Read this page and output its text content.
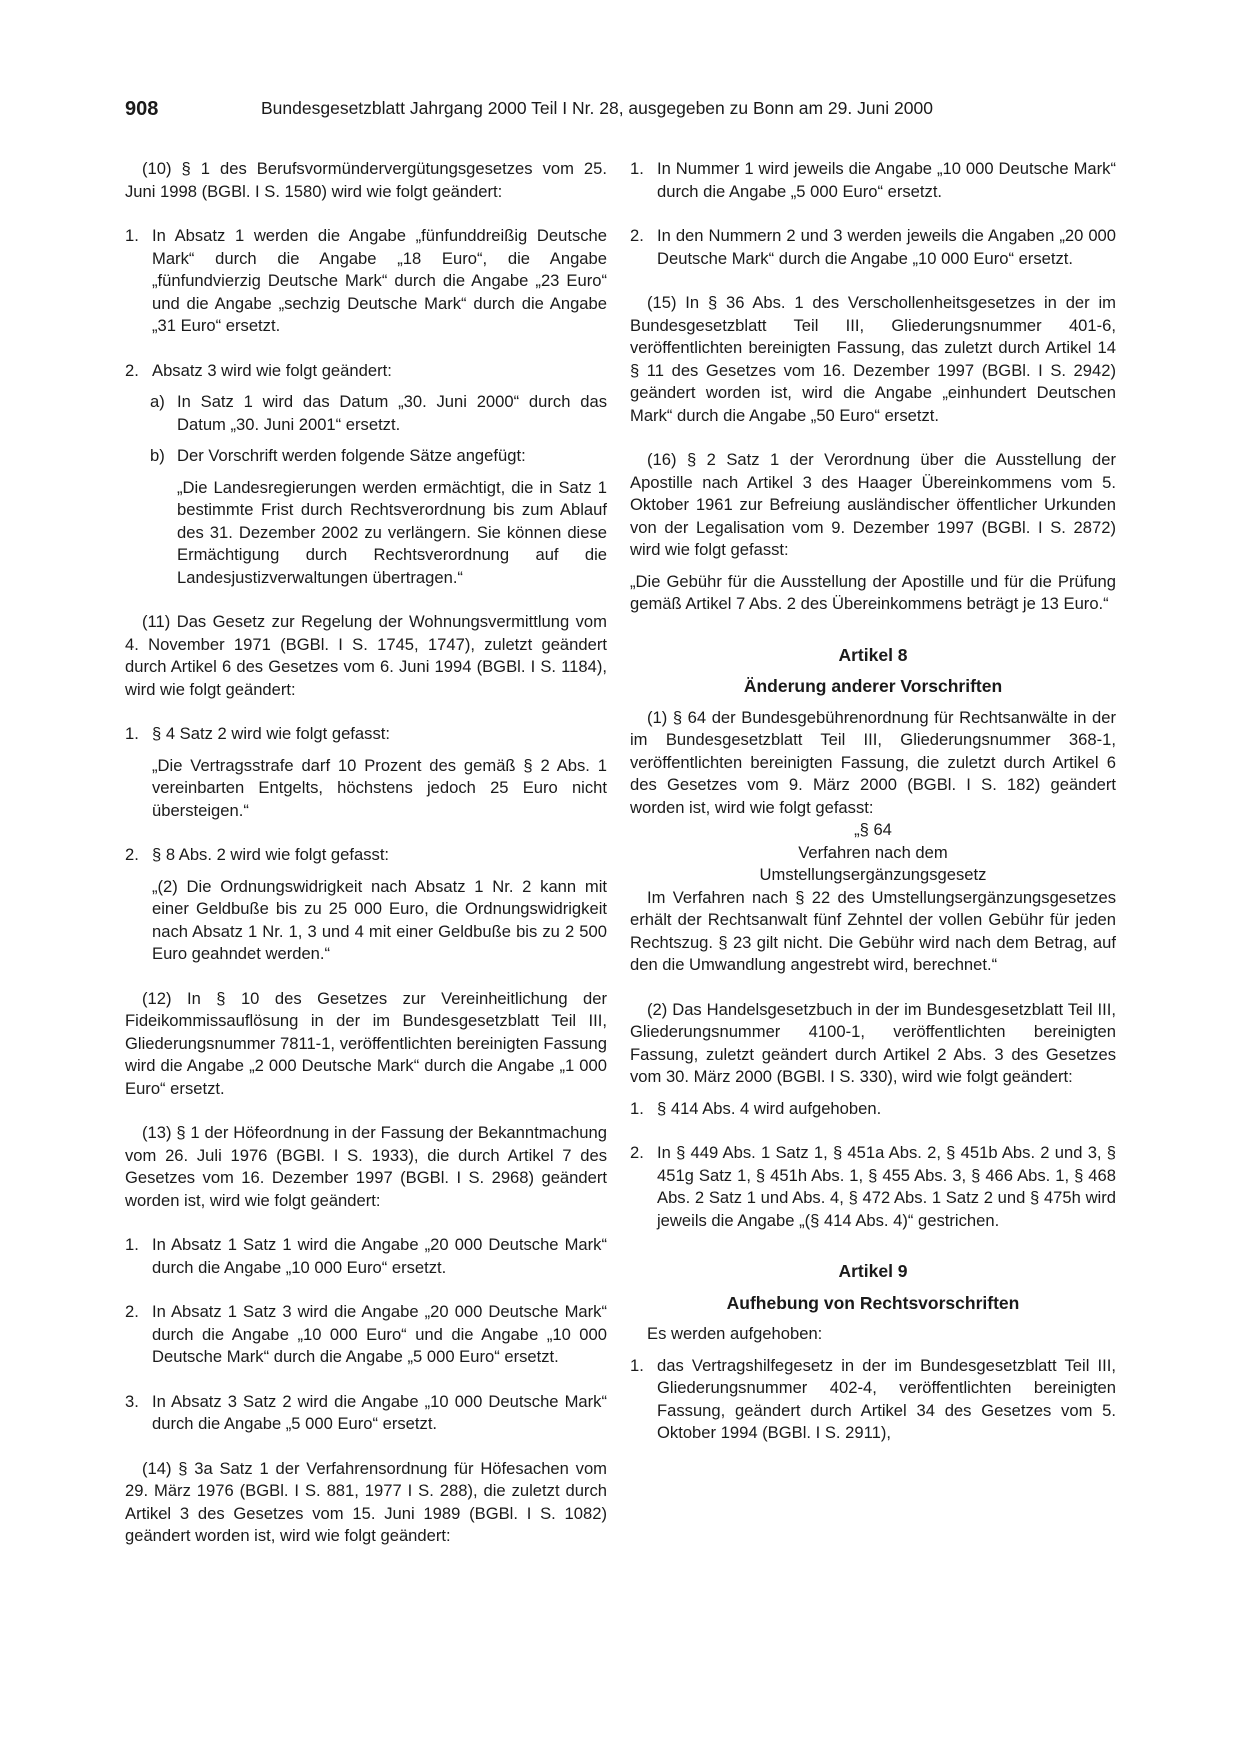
908	Bundesgesetzblatt Jahrgang 2000 Teil I Nr. 28, ausgegeben zu Bonn am 29. Juni 2000

(10) § 1 des Berufsvormündervergütungsgesetzes vom 25. Juni 1998 (BGBl. I S. 1580) wird wie folgt geändert:

1. In Absatz 1 werden die Angabe „fünfunddreißig Deutsche Mark“ durch die Angabe „18 Euro“, die Angabe „fünfundvierzig Deutsche Mark“ durch die Angabe „23 Euro“ und die Angabe „sechzig Deutsche Mark“ durch die Angabe „31 Euro“ ersetzt.

2. Absatz 3 wird wie folgt geändert:

a) In Satz 1 wird das Datum „30. Juni 2000“ durch das Datum „30. Juni 2001“ ersetzt.

b) Der Vorschrift werden folgende Sätze angefügt:

„Die Landesregierungen werden ermächtigt, die in Satz 1 bestimmte Frist durch Rechtsverordnung bis zum Ablauf des 31. Dezember 2002 zu verlängern. Sie können diese Ermächtigung durch Rechtsverordnung auf die Landesjustizverwaltungen übertragen.“

(11) Das Gesetz zur Regelung der Wohnungsvermittlung vom 4. November 1971 (BGBl. I S. 1745, 1747), zuletzt geändert durch Artikel 6 des Gesetzes vom 6. Juni 1994 (BGBl. I S. 1184), wird wie folgt geändert:

1. § 4 Satz 2 wird wie folgt gefasst:

„Die Vertragsstrafe darf 10 Prozent des gemäß § 2 Abs. 1 vereinbarten Entgelts, höchstens jedoch 25 Euro nicht übersteigen.“

2. § 8 Abs. 2 wird wie folgt gefasst:

„(2) Die Ordnungswidrigkeit nach Absatz 1 Nr. 2 kann mit einer Geldbuße bis zu 25 000 Euro, die Ordnungswidrigkeit nach Absatz 1 Nr. 1, 3 und 4 mit einer Geldbuße bis zu 2 500 Euro geahndet werden.“

(12) In § 10 des Gesetzes zur Vereinheitlichung der Fideikommissauflösung in der im Bundesgesetzblatt Teil III, Gliederungsnummer 7811-1, veröffentlichten bereinigten Fassung wird die Angabe „2 000 Deutsche Mark“ durch die Angabe „1 000 Euro“ ersetzt.

(13) § 1 der Höfeordnung in der Fassung der Bekanntmachung vom 26. Juli 1976 (BGBl. I S. 1933), die durch Artikel 7 des Gesetzes vom 16. Dezember 1997 (BGBl. I S. 2968) geändert worden ist, wird wie folgt geändert:

1. In Absatz 1 Satz 1 wird die Angabe „20 000 Deutsche Mark“ durch die Angabe „10 000 Euro“ ersetzt.

2. In Absatz 1 Satz 3 wird die Angabe „20 000 Deutsche Mark“ durch die Angabe „10 000 Euro“ und die Angabe „10 000 Deutsche Mark“ durch die Angabe „5 000 Euro“ ersetzt.

3. In Absatz 3 Satz 2 wird die Angabe „10 000 Deutsche Mark“ durch die Angabe „5 000 Euro“ ersetzt.

(14) § 3a Satz 1 der Verfahrensordnung für Höfesachen vom 29. März 1976 (BGBl. I S. 881, 1977 I S. 288), die zuletzt durch Artikel 3 des Gesetzes vom 15. Juni 1989 (BGBl. I S. 1082) geändert worden ist, wird wie folgt geändert:

1. In Nummer 1 wird jeweils die Angabe „10 000 Deutsche Mark“ durch die Angabe „5 000 Euro“ ersetzt.

2. In den Nummern 2 und 3 werden jeweils die Angaben „20 000 Deutsche Mark“ durch die Angabe „10 000 Euro“ ersetzt.

(15) In § 36 Abs. 1 des Verschollenheitsgesetzes in der im Bundesgesetzblatt Teil III, Gliederungsnummer 401-6, veröffentlichten bereinigten Fassung, das zuletzt durch Artikel 14 § 11 des Gesetzes vom 16. Dezember 1997 (BGBl. I S. 2942) geändert worden ist, wird die Angabe „einhundert Deutschen Mark“ durch die Angabe „50 Euro“ ersetzt.

(16) § 2 Satz 1 der Verordnung über die Ausstellung der Apostille nach Artikel 3 des Haager Übereinkommens vom 5. Oktober 1961 zur Befreiung ausländischer öffentlicher Urkunden von der Legalisation vom 9. Dezember 1997 (BGBl. I S. 2872) wird wie folgt gefasst:

„Die Gebühr für die Ausstellung der Apostille und für die Prüfung gemäß Artikel 7 Abs. 2 des Übereinkommens beträgt je 13 Euro.“

Artikel 8

Änderung anderer Vorschriften

(1) § 64 der Bundesgebührenordnung für Rechtsanwälte in der im Bundesgesetzblatt Teil III, Gliederungsnummer 368-1, veröffentlichten bereinigten Fassung, die zuletzt durch Artikel 6 des Gesetzes vom 9. März 2000 (BGBl. I S. 182) geändert worden ist, wird wie folgt gefasst:

„§ 64

Verfahren nach dem

Umstellungsergänzungsgesetz

Im Verfahren nach § 22 des Umstellungsergänzungsgesetzes erhält der Rechtsanwalt fünf Zehntel der vollen Gebühr für jeden Rechtszug. § 23 gilt nicht. Die Gebühr wird nach dem Betrag, auf den die Umwandlung angestrebt wird, berechnet.“

(2) Das Handelsgesetzbuch in der im Bundesgesetzblatt Teil III, Gliederungsnummer 4100-1, veröffentlichten bereinigten Fassung, zuletzt geändert durch Artikel 2 Abs. 3 des Gesetzes vom 30. März 2000 (BGBl. I S. 330), wird wie folgt geändert:

1. § 414 Abs. 4 wird aufgehoben.

2. In § 449 Abs. 1 Satz 1, § 451a Abs. 2, § 451b Abs. 2 und 3, § 451g Satz 1, § 451h Abs. 1, § 455 Abs. 3, § 466 Abs. 1, § 468 Abs. 2 Satz 1 und Abs. 4, § 472 Abs. 1 Satz 2 und § 475h wird jeweils die Angabe „(§ 414 Abs. 4)“ gestrichen.

Artikel 9

Aufhebung von Rechtsvorschriften

Es werden aufgehoben:

1. das Vertragshilfegesetz in der im Bundesgesetzblatt Teil III, Gliederungsnummer 402-4, veröffentlichten bereinigten Fassung, geändert durch Artikel 34 des Gesetzes vom 5. Oktober 1994 (BGBl. I S. 2911),
